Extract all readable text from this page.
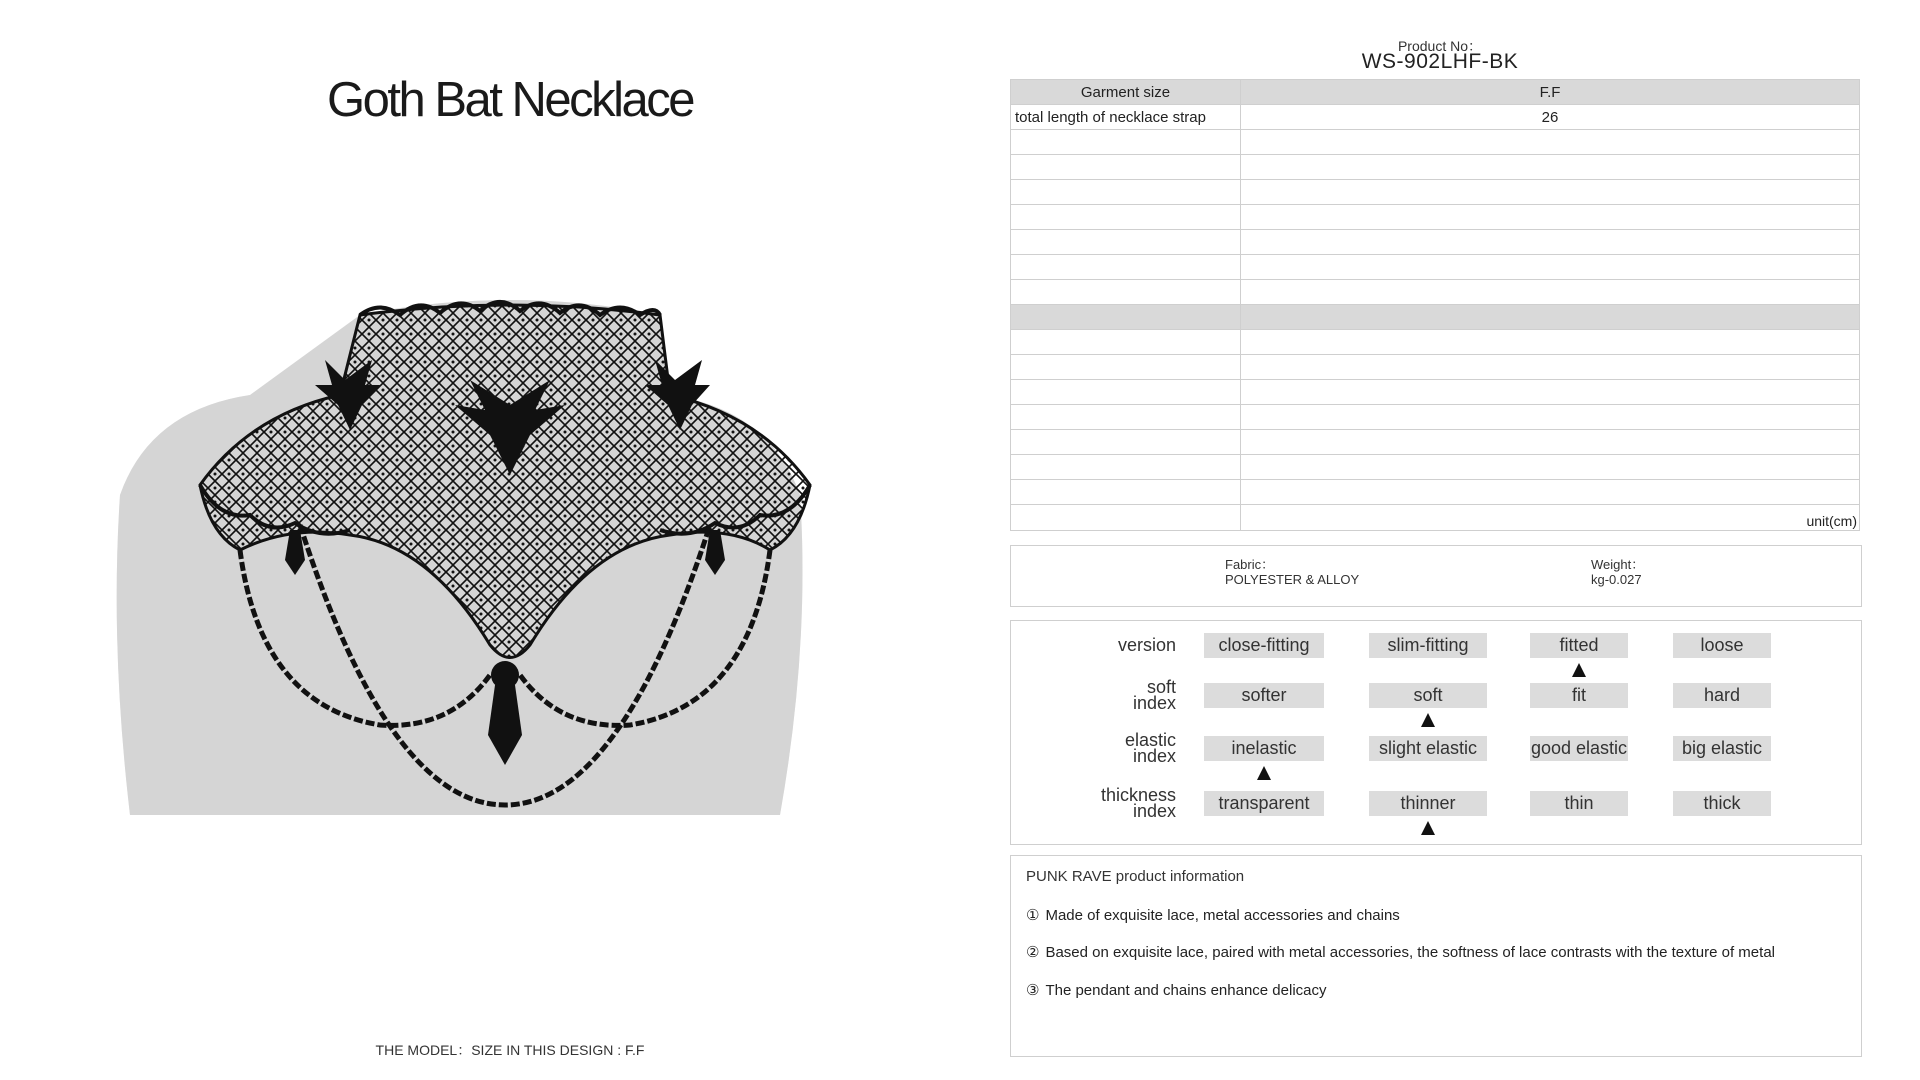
Goth Bat Necklace
THE MODEL：SIZE IN THIS DESIGN : F.F
Product No：
WS-902LHF-BK
Garment size	F.F
total length of necklace strap	26

	unit(cm)
Fabric：
POLYESTER & ALLOY
Weight：
kg-0.027
version	close-fitting	slim-fitting	fitted	loose
soft
index	softer	soft	fit	hard
elastic
index	inelastic	slight elastic	good elastic	big elastic
thickness
index	transparent	thinner	thin	thick
PUNK RAVE product information
① Made of exquisite lace, metal accessories and chains
② Based on exquisite lace, paired with metal accessories, the softness of lace contrasts with the texture of metal
③ The pendant and chains enhance delicacy
